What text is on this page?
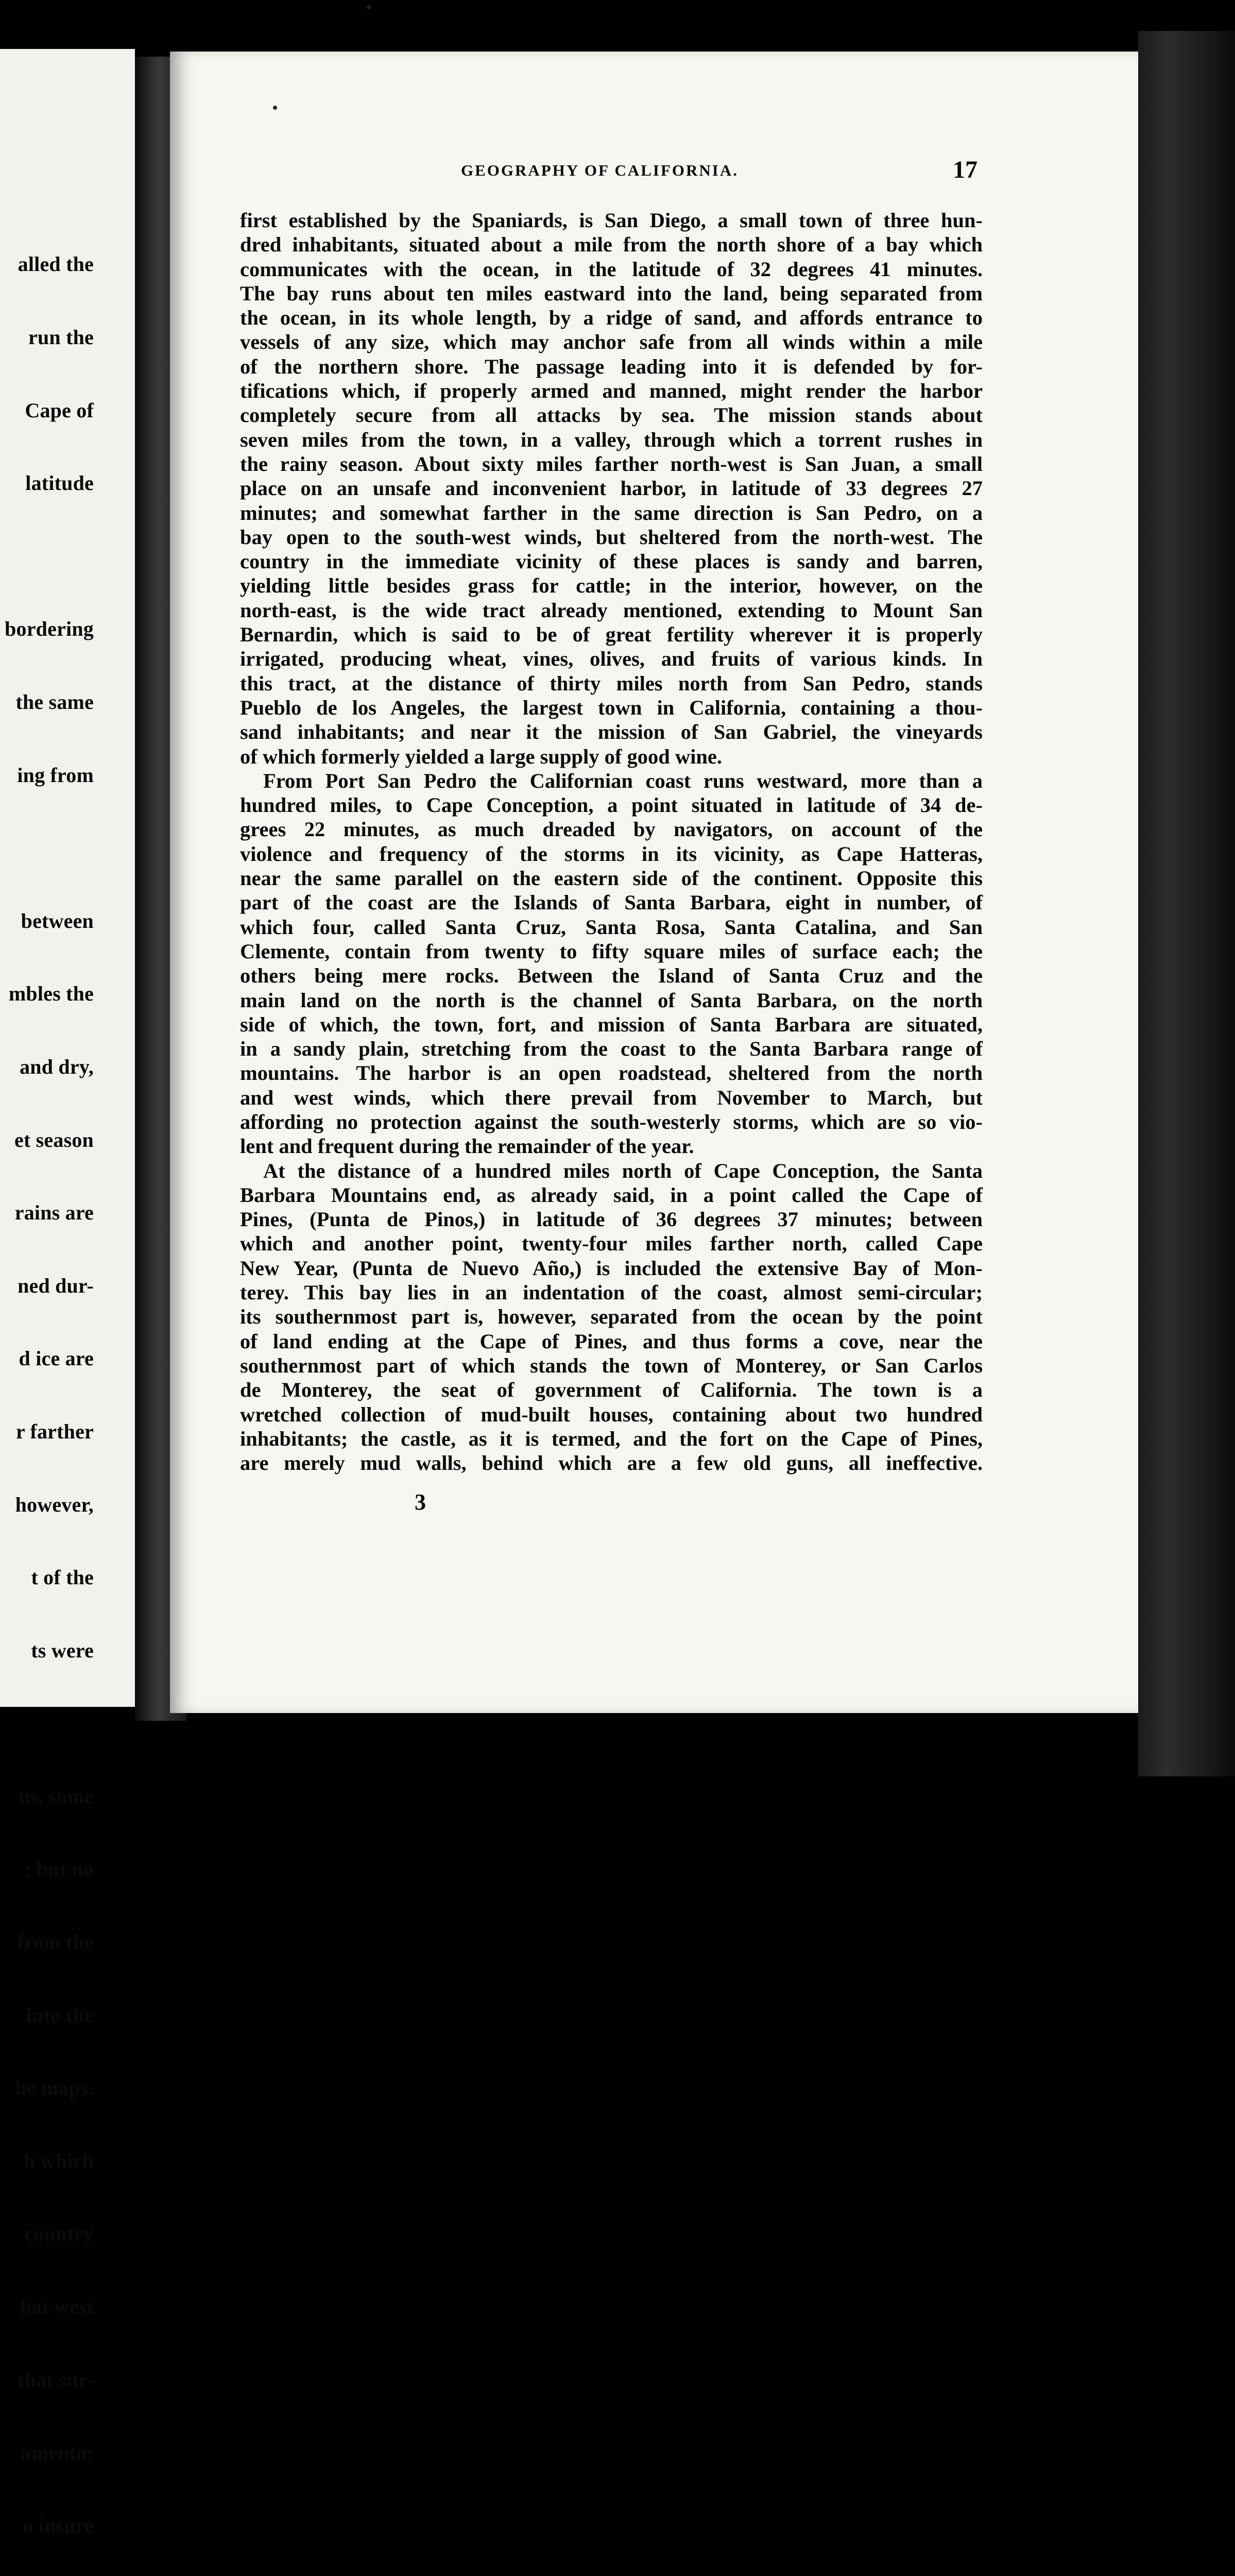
alled the

run the

Cape of

latitude

bordering

the same

ing from

between

mbles the

and dry,

et season

rains are

ned dur-

d ice are

r farther

however,

t of the

ts were

ns, some

; but no

from the

into the

he maps.

h which

country

hat west

that sur-

amento;

o insure

GEOGRAPHY OF CALIFORNIA.	17
first established by the Spaniards, is San Diego, a small town of three hun-
dred inhabitants, situated about a mile from the north shore of a bay which
communicates with the ocean, in the latitude of 32 degrees 41 minutes.
The bay runs about ten miles eastward into the land, being separated from
the ocean, in its whole length, by a ridge of sand, and affords entrance to
vessels of any size, which may anchor safe from all winds within a mile
of the northern shore. The passage leading into it is defended by for-
tifications which, if properly armed and manned, might render the harbor
completely secure from all attacks by sea. The mission stands about
seven miles from the town, in a valley, through which a torrent rushes in
the rainy season. About sixty miles farther north-west is San Juan, a small
place on an unsafe and inconvenient harbor, in latitude of 33 degrees 27
minutes; and somewhat farther in the same direction is San Pedro, on a
bay open to the south-west winds, but sheltered from the north-west. The
country in the immediate vicinity of these places is sandy and barren,
yielding little besides grass for cattle; in the interior, however, on the
north-east, is the wide tract already mentioned, extending to Mount San
Bernardin, which is said to be of great fertility wherever it is properly
irrigated, producing wheat, vines, olives, and fruits of various kinds. In
this tract, at the distance of thirty miles north from San Pedro, stands
Pueblo de los Angeles, the largest town in California, containing a thou-
sand inhabitants; and near it the mission of San Gabriel, the vineyards
of which formerly yielded a large supply of good wine.
From Port San Pedro the Californian coast runs westward, more than a
hundred miles, to Cape Conception, a point situated in latitude of 34 de-
grees 22 minutes, as much dreaded by navigators, on account of the
violence and frequency of the storms in its vicinity, as Cape Hatteras,
near the same parallel on the eastern side of the continent. Opposite this
part of the coast are the Islands of Santa Barbara, eight in number, of
which four, called Santa Cruz, Santa Rosa, Santa Catalina, and San
Clemente, contain from twenty to fifty square miles of surface each; the
others being mere rocks. Between the Island of Santa Cruz and the
main land on the north is the channel of Santa Barbara, on the north
side of which, the town, fort, and mission of Santa Barbara are situated,
in a sandy plain, stretching from the coast to the Santa Barbara range of
mountains. The harbor is an open roadstead, sheltered from the north
and west winds, which there prevail from November to March, but
affording no protection against the south-westerly storms, which are so vio-
lent and frequent during the remainder of the year.
At the distance of a hundred miles north of Cape Conception, the Santa
Barbara Mountains end, as already said, in a point called the Cape of
Pines, (Punta de Pinos,) in latitude of 36 degrees 37 minutes; between
which and another point, twenty-four miles farther north, called Cape
New Year, (Punta de Nuevo Año,) is included the extensive Bay of Mon-
terey. This bay lies in an indentation of the coast, almost semi-circular;
its southernmost part is, however, separated from the ocean by the point
of land ending at the Cape of Pines, and thus forms a cove, near the
southernmost part of which stands the town of Monterey, or San Carlos
de Monterey, the seat of government of California. The town is a
wretched collection of mud-built houses, containing about two hundred
inhabitants; the castle, as it is termed, and the fort on the Cape of Pines,
are merely mud walls, behind which are a few old guns, all ineffective.
3
